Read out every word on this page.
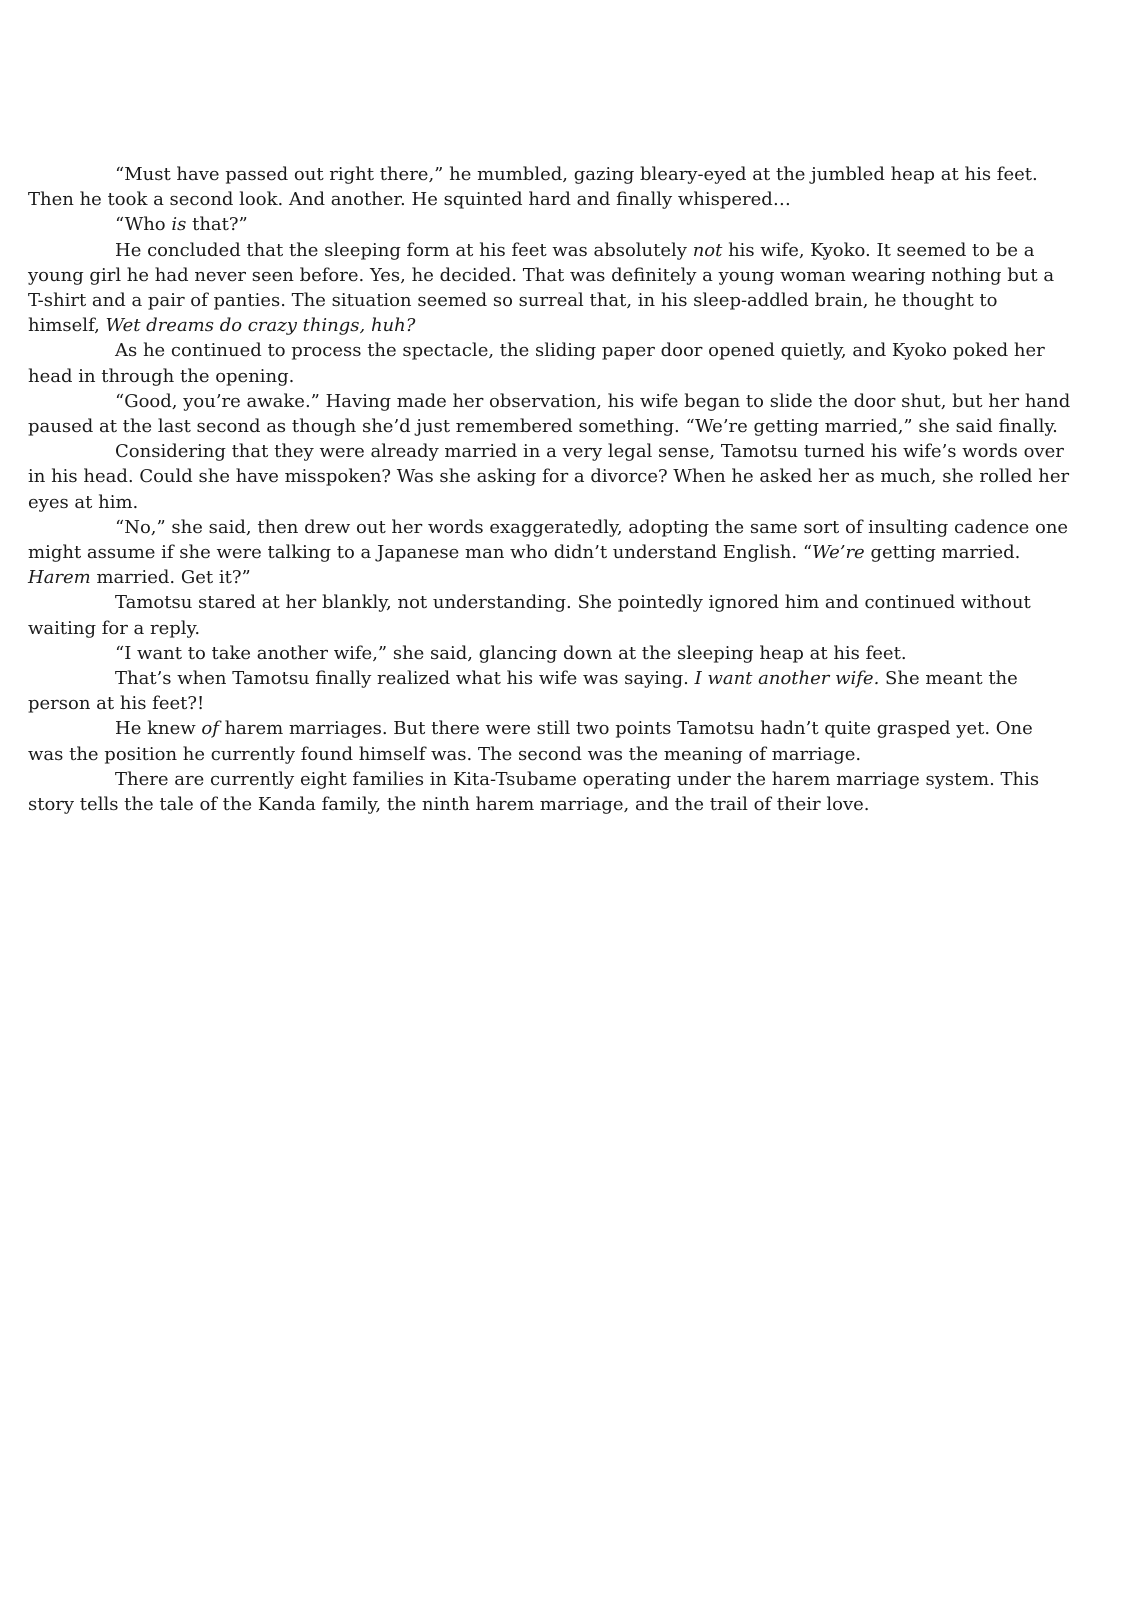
“Must have passed out right there,” he mumbled, gazing bleary-eyed at the jumbled heap at his feet. Then he took a second look. And another. He squinted hard and finally whispered…

“Who is that?”

He concluded that the sleeping form at his feet was absolutely not his wife, Kyoko. It seemed to be a young girl he had never seen before. Yes, he decided. That was definitely a young woman wearing nothing but a T-shirt and a pair of panties. The situation seemed so surreal that, in his sleep-addled brain, he thought to himself, Wet dreams do crazy things, huh?

As he continued to process the spectacle, the sliding paper door opened quietly, and Kyoko poked her head in through the opening.

“Good, you’re awake.” Having made her observation, his wife began to slide the door shut, but her hand paused at the last second as though she’d just remembered something. “We’re getting married,” she said finally.

Considering that they were already married in a very legal sense, Tamotsu turned his wife’s words over in his head. Could she have misspoken? Was she asking for a divorce? When he asked her as much, she rolled her eyes at him.

“No,” she said, then drew out her words exaggeratedly, adopting the same sort of insulting cadence one might assume if she were talking to a Japanese man who didn’t understand English. “We’re getting married. Harem married. Get it?”

Tamotsu stared at her blankly, not understanding. She pointedly ignored him and continued without waiting for a reply.

“I want to take another wife,” she said, glancing down at the sleeping heap at his feet.

That’s when Tamotsu finally realized what his wife was saying. I want another wife. She meant the person at his feet?!

He knew of harem marriages. But there were still two points Tamotsu hadn’t quite grasped yet. One was the position he currently found himself was. The second was the meaning of marriage.

There are currently eight families in Kita-Tsubame operating under the harem marriage system. This story tells the tale of the Kanda family, the ninth harem marriage, and the trail of their love.
